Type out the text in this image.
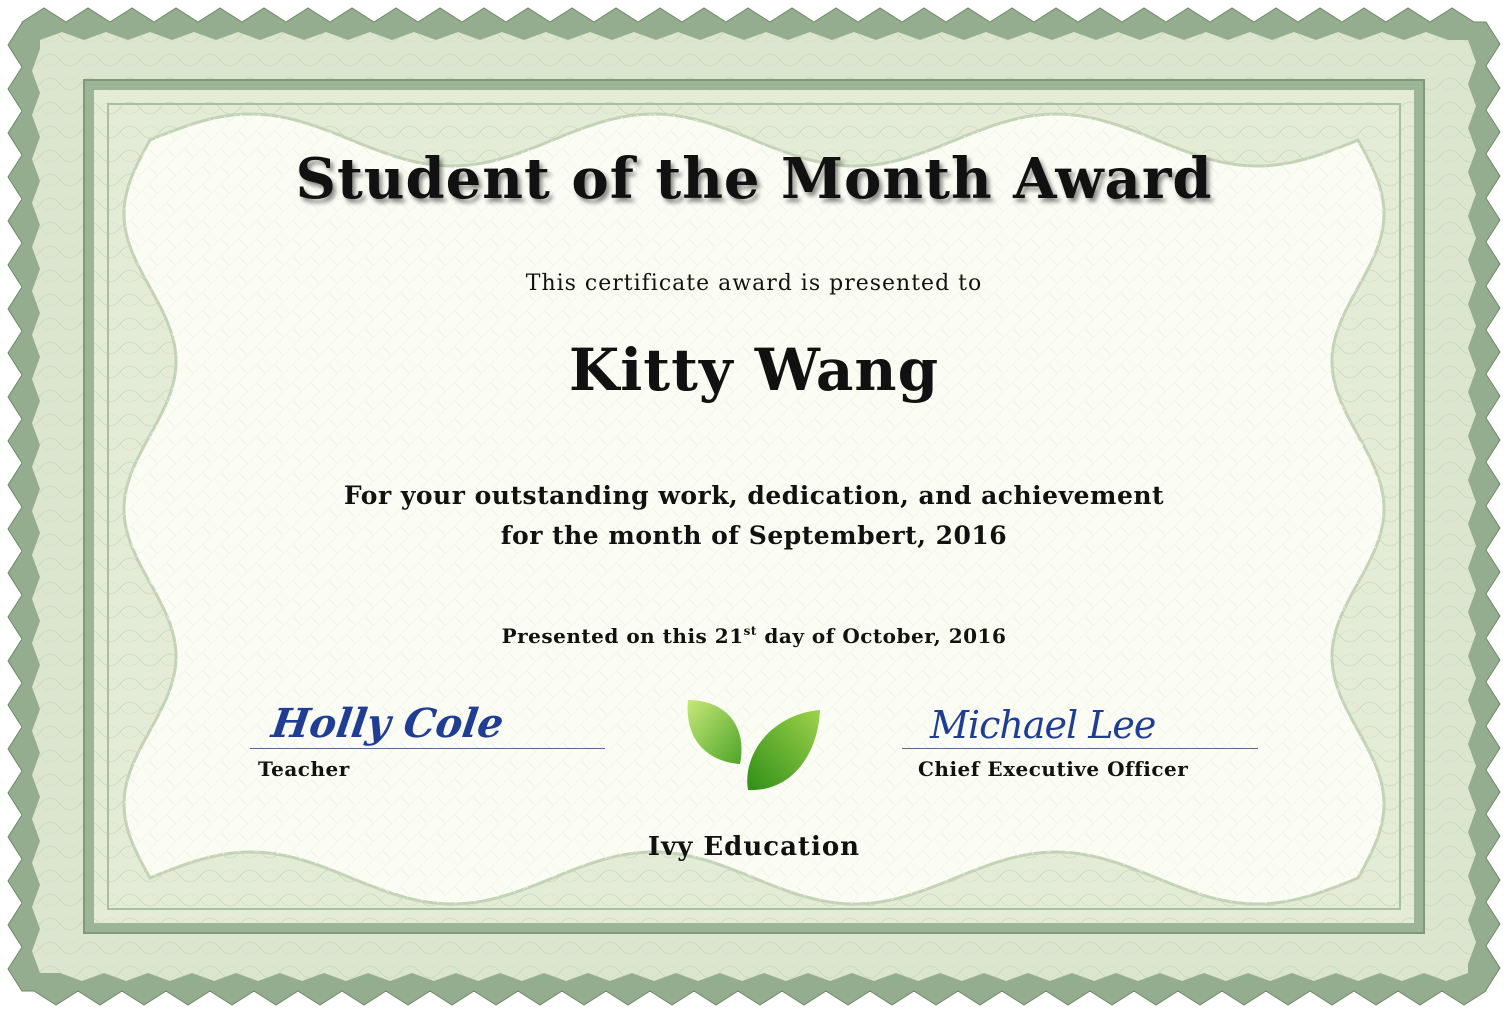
Student of the Month Award

This certificate award is presented to

Kitty Wang

For your outstanding work, dedication, and achievement
for the month of Septembert, 2016

Presented on this 21st day of October, 2016

Holly Cole

Teacher

Michael Lee

Chief Executive Officer

Ivy Education
